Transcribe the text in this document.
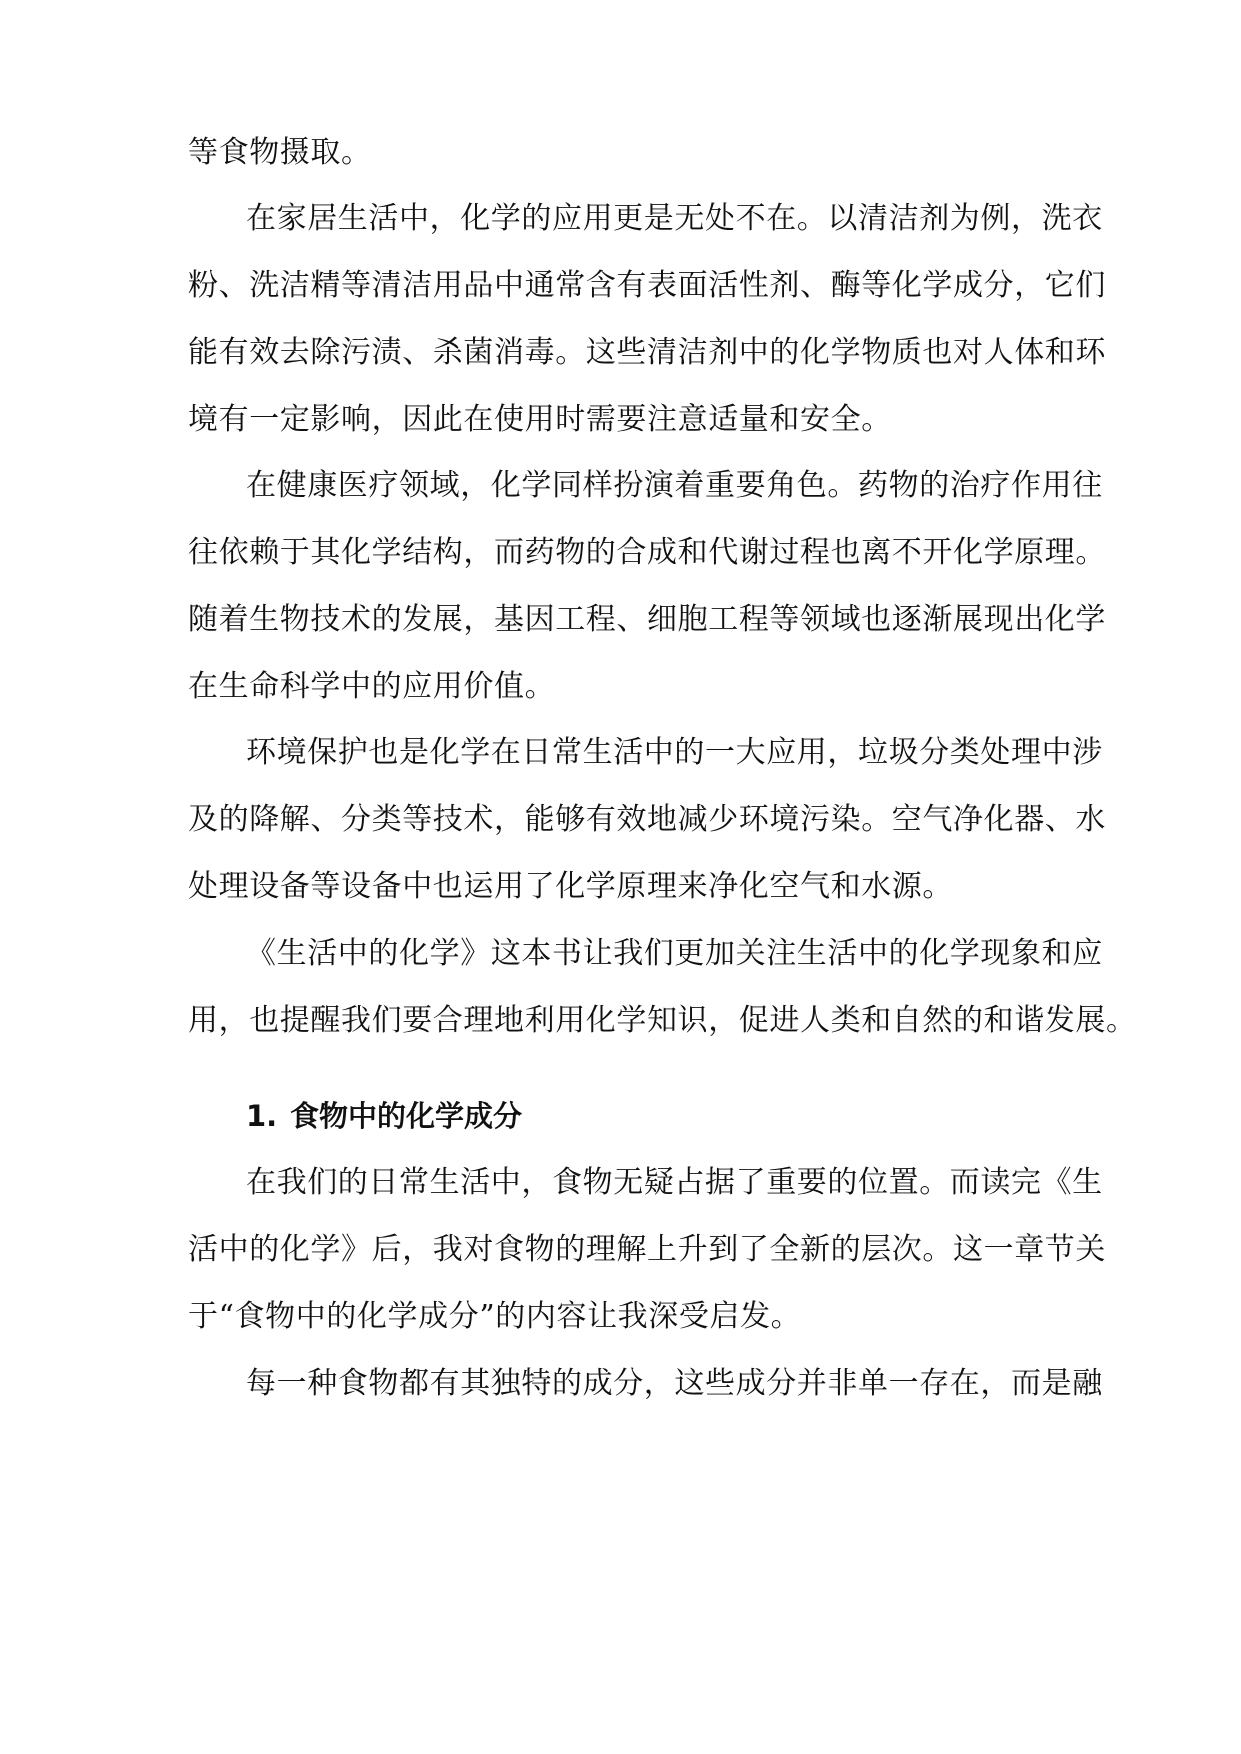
等食物摄取。
在家居生活中，化学的应用更是无处不在。以清洁剂为例，洗衣
粉、洗洁精等清洁用品中通常含有表面活性剂、酶等化学成分，它们
能有效去除污渍、杀菌消毒。这些清洁剂中的化学物质也对人体和环
境有一定影响，因此在使用时需要注意适量和安全。
在健康医疗领域，化学同样扮演着重要角色。药物的治疗作用往
往依赖于其化学结构，而药物的合成和代谢过程也离不开化学原理。
随着生物技术的发展，基因工程、细胞工程等领域也逐渐展现出化学
在生命科学中的应用价值。
环境保护也是化学在日常生活中的一大应用，垃圾分类处理中涉
及的降解、分类等技术，能够有效地减少环境污染。空气净化器、水
处理设备等设备中也运用了化学原理来净化空气和水源。
《生活中的化学》这本书让我们更加关注生活中的化学现象和应
用，也提醒我们要合理地利用化学知识，促进人类和自然的和谐发展。
1. 食物中的化学成分
在我们的日常生活中，食物无疑占据了重要的位置。而读完《生
活中的化学》后，我对食物的理解上升到了全新的层次。这一章节关
于“食物中的化学成分”的内容让我深受启发。
每一种食物都有其独特的成分，这些成分并非单一存在，而是融
